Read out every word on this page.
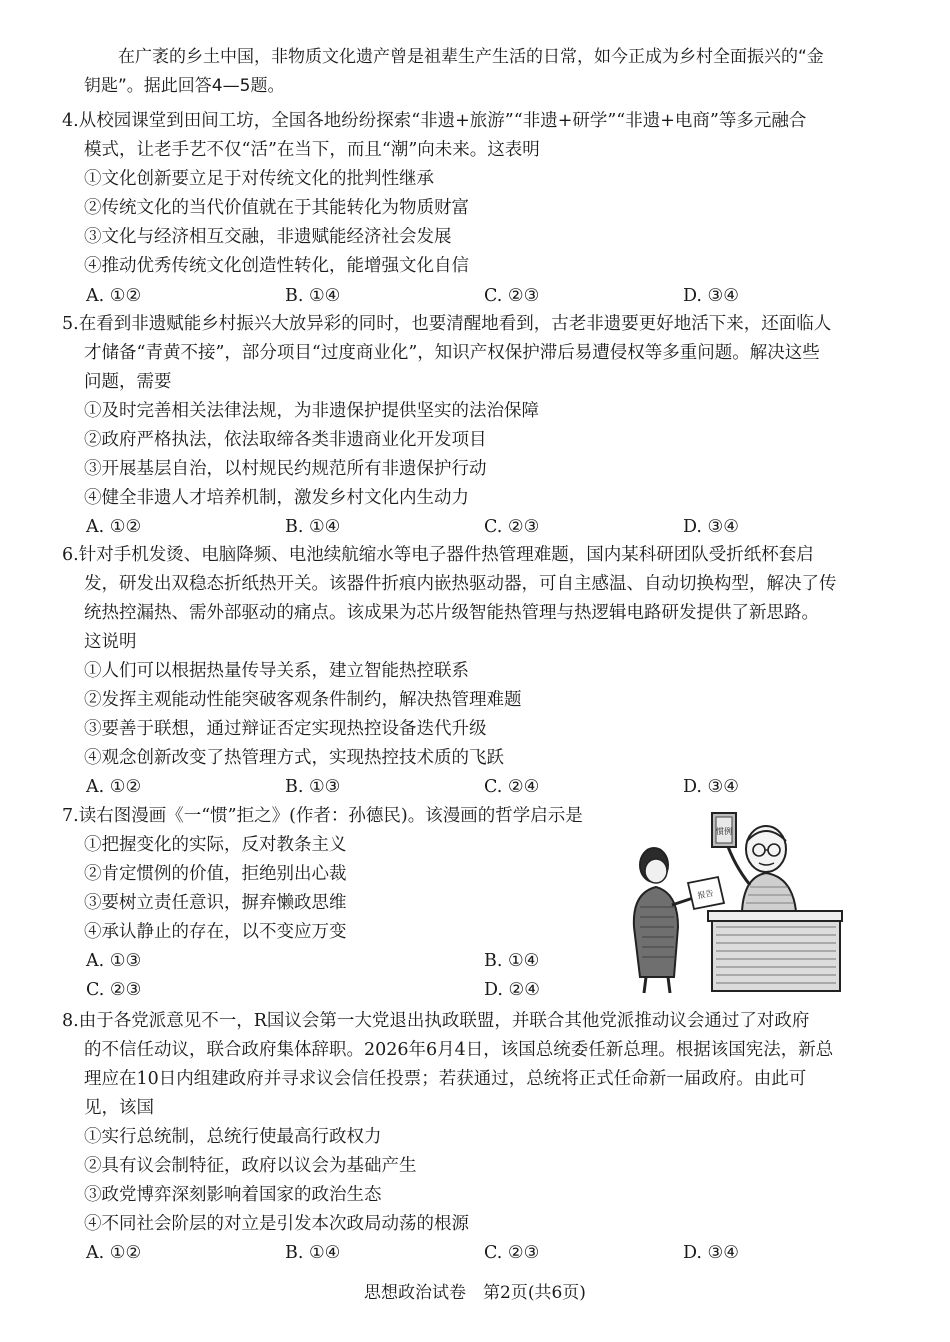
在广袤的乡土中国，非物质文化遗产曾是祖辈生产生活的日常，如今正成为乡村全面振兴的“金
钥匙”。据此回答4—5题。
4.从校园课堂到田间工坊，全国各地纷纷探索“非遗+旅游”“非遗+研学”“非遗+电商”等多元融合
模式，让老手艺不仅“活”在当下，而且“潮”向未来。这表明
①文化创新要立足于对传统文化的批判性继承
②传统文化的当代价值就在于其能转化为物质财富
③文化与经济相互交融，非遗赋能经济社会发展
④推动优秀传统文化创造性转化，能增强文化自信
A. ①②	B. ①④	C. ②③	D. ③④
5.在看到非遗赋能乡村振兴大放异彩的同时，也要清醒地看到，古老非遗要更好地活下来，还面临人
才储备“青黄不接”，部分项目“过度商业化”，知识产权保护滞后易遭侵权等多重问题。解决这些
问题，需要
①及时完善相关法律法规，为非遗保护提供坚实的法治保障
②政府严格执法，依法取缔各类非遗商业化开发项目
③开展基层自治，以村规民约规范所有非遗保护行动
④健全非遗人才培养机制，激发乡村文化内生动力
A. ①②	B. ①④	C. ②③	D. ③④
6.针对手机发烫、电脑降频、电池续航缩水等电子器件热管理难题，国内某科研团队受折纸杯套启
发，研发出双稳态折纸热开关。该器件折痕内嵌热驱动器，可自主感温、自动切换构型，解决了传
统热控漏热、需外部驱动的痛点。该成果为芯片级智能热管理与热逻辑电路研发提供了新思路。
这说明
①人们可以根据热量传导关系，建立智能热控联系
②发挥主观能动性能突破客观条件制约，解决热管理难题
③要善于联想，通过辩证否定实现热控设备迭代升级
④观念创新改变了热管理方式，实现热控技术质的飞跃
A. ①②	B. ①③	C. ②④	D. ③④
7.读右图漫画《一“惯”拒之》(作者：孙德民)。该漫画的哲学启示是
①把握变化的实际，反对教条主义
②肯定惯例的价值，拒绝别出心裁
③要树立责任意识，摒弃懒政思维
④承认静止的存在，以不变应万变
A. ①③	B. ①④
C. ②③	D. ②④
惯例
报告
8.由于各党派意见不一，R国议会第一大党退出执政联盟，并联合其他党派推动议会通过了对政府
的不信任动议，联合政府集体辞职。2026年6月4日，该国总统委任新总理。根据该国宪法，新总
理应在10日内组建政府并寻求议会信任投票；若获通过，总统将正式任命新一届政府。由此可
见，该国
①实行总统制，总统行使最高行政权力
②具有议会制特征，政府以议会为基础产生
③政党博弈深刻影响着国家的政治生态
④不同社会阶层的对立是引发本次政局动荡的根源
A. ①②	B. ①④	C. ②③	D. ③④
思想政治试卷　第2页(共6页)
